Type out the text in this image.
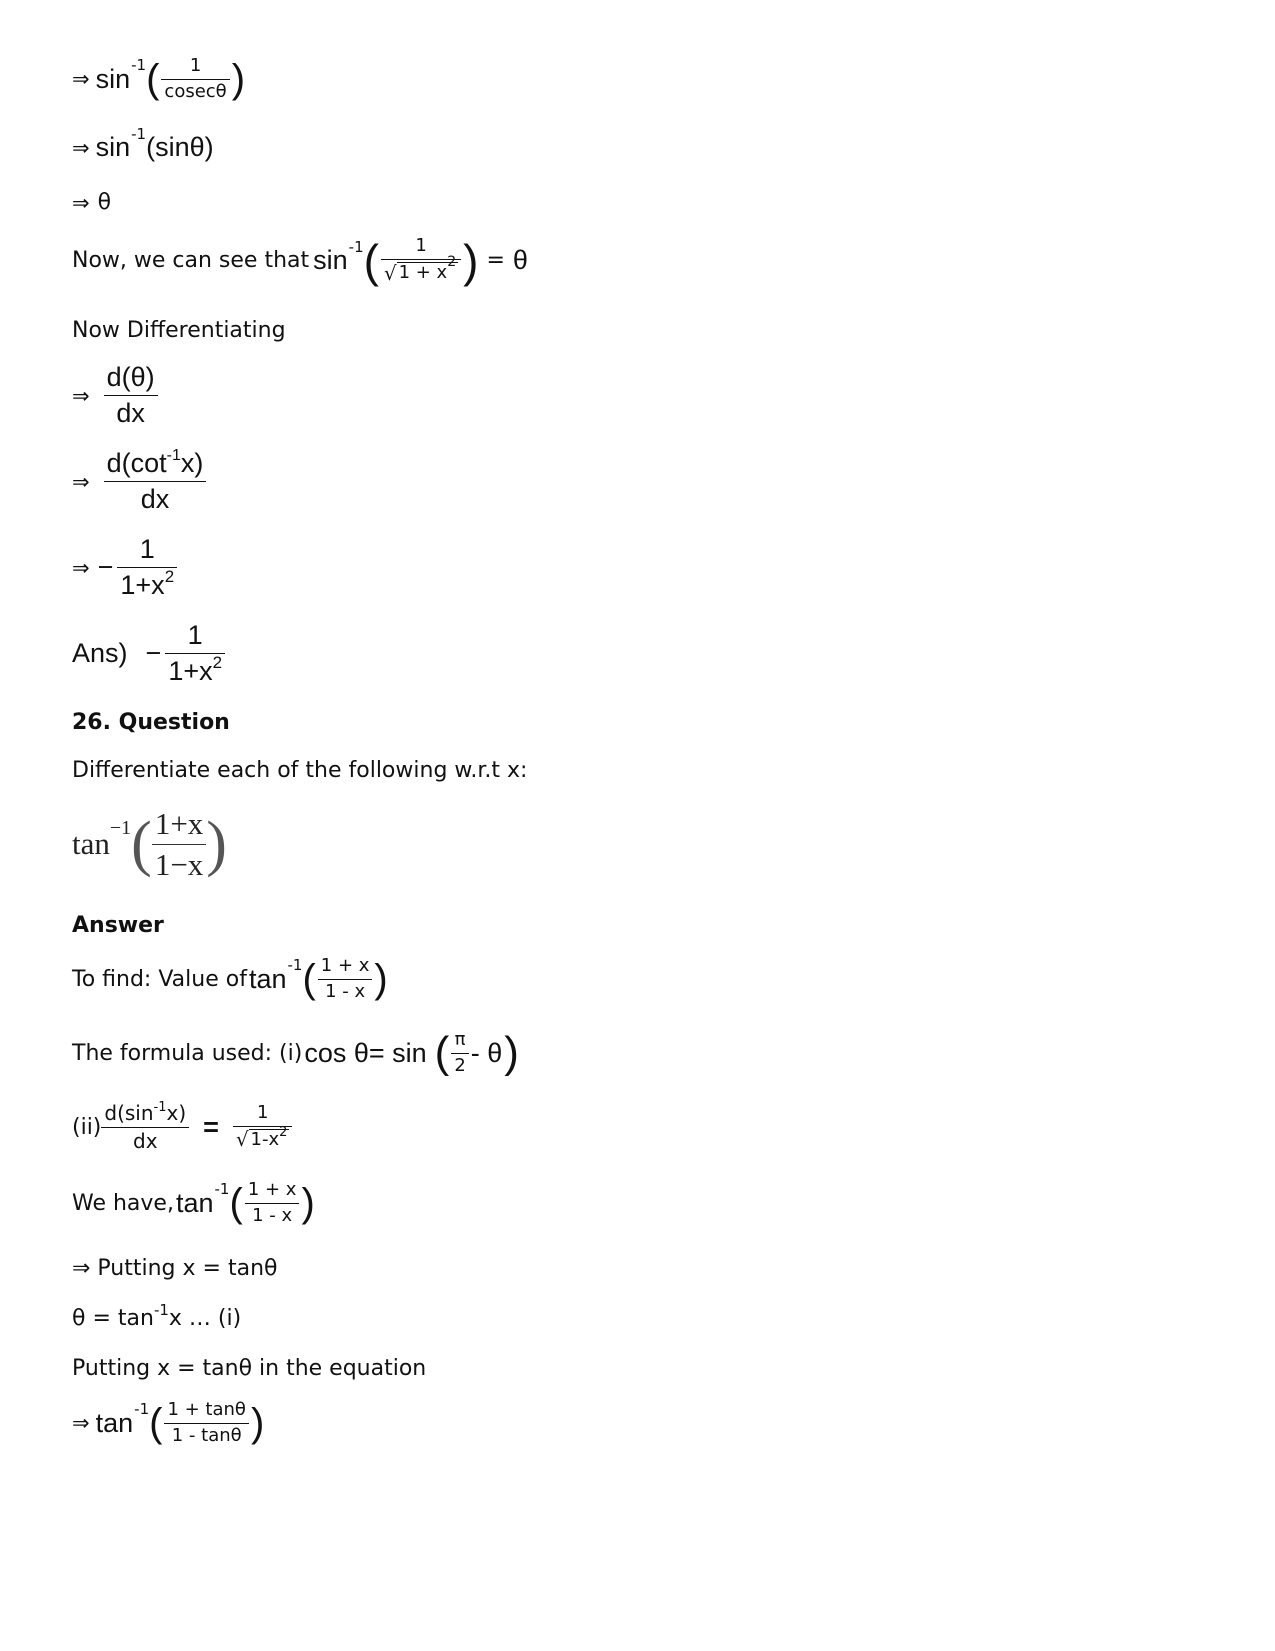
⇒ sin -1 ( $\frac{1}{cosec\theta}$ )
⇒ sin -1 (sinθ)
⇒ θ
Now, we can see that sin -1 ( $\frac{1}{√ 1 + x^2}$ ) = θ
Now Differentiating
⇒ $\frac{d(\theta)}{dx}$
⇒ $\frac{d(\cot^{-1}x)}{dx}$
⇒ − $\frac{1}{1+x^2}$
$Ans) - \frac{1}{1+x^2}$
26. Question
Differentiate each of the following w.r.t x:
tan −1 ( $\frac{1+x}{1-x}$ )
Answer
To find: Value of tan -1 ( $\frac{1 + x}{1 - x}$ )
The formula used: (i) cos θ= sin ( $\frac{\pi}{2}$ - θ )
$(ii) \frac{d(\sin^{-1}x)}{dx} = \frac{1}{√ 1-x^2}$
We have, tan -1 ( $\frac{1 + x}{1 - x}$ )
⇒ Putting x = tanθ
θ = tan -1 x … (i)
Putting x = tanθ in the equation
⇒ tan -1 ( $\frac{1 + \tan\theta}{1 - \tan\theta}$ )
